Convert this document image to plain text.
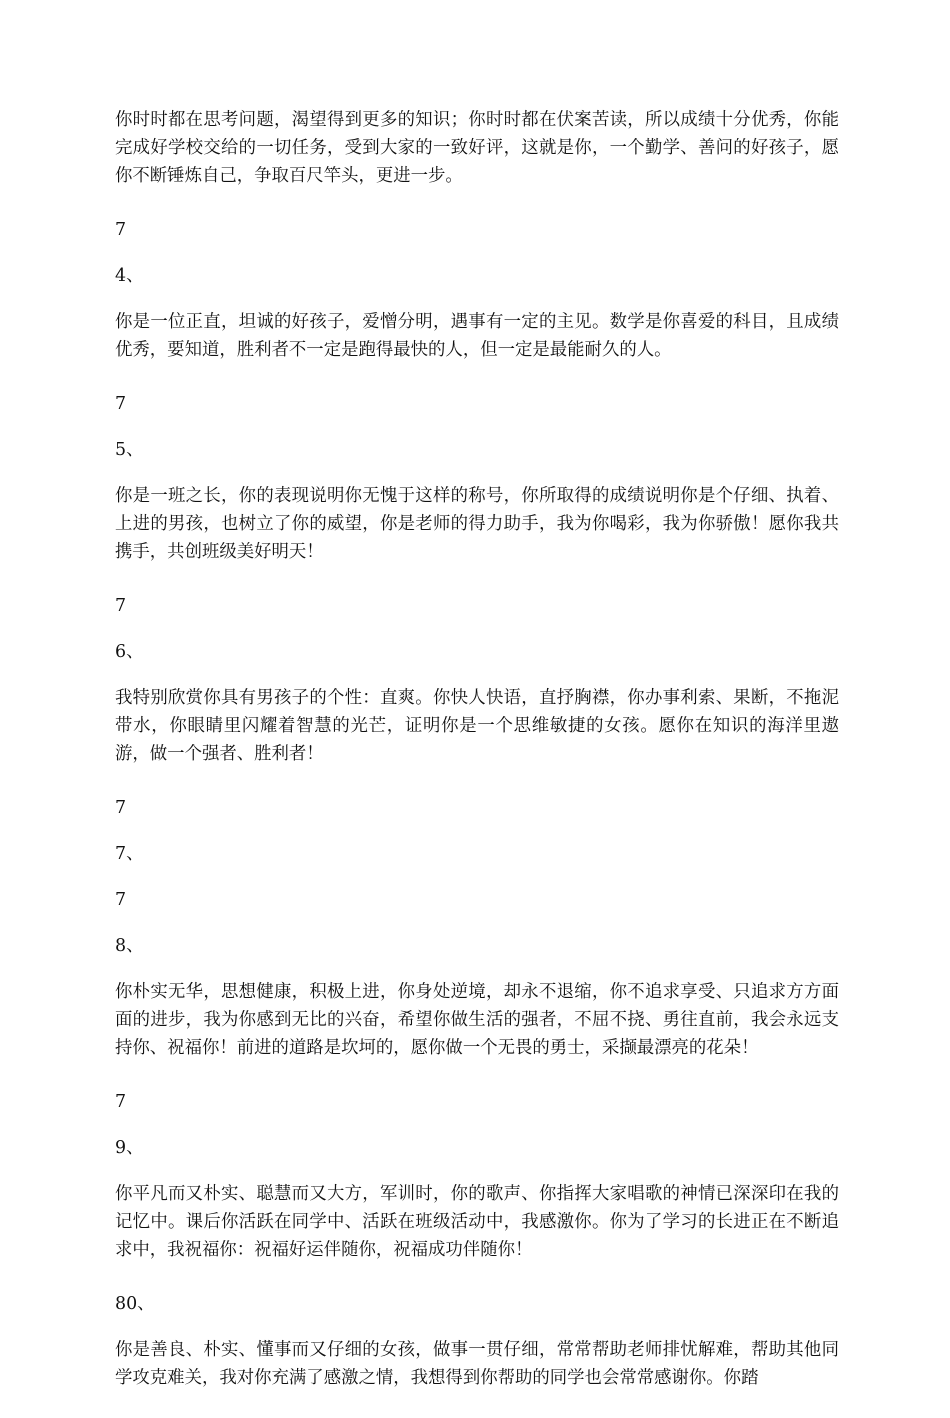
你时时都在思考问题，渴望得到更多的知识；你时时都在伏案苦读，所以成绩十分优秀，你能完成好学校交给的一切任务，受到大家的一致好评，这就是你，一个勤学、善问的好孩子，愿你不断锤炼自己，争取百尺竿头，更进一步。

7

4、

你是一位正直，坦诚的好孩子，爱憎分明，遇事有一定的主见。数学是你喜爱的科目，且成绩优秀，要知道，胜利者不一定是跑得最快的人，但一定是最能耐久的人。

7

5、

你是一班之长，你的表现说明你无愧于这样的称号，你所取得的成绩说明你是个仔细、执着、上进的男孩，也树立了你的威望，你是老师的得力助手，我为你喝彩，我为你骄傲！愿你我共携手，共创班级美好明天！

7

6、

我特别欣赏你具有男孩子的个性：直爽。你快人快语，直抒胸襟，你办事利索、果断，不拖泥带水，你眼睛里闪耀着智慧的光芒，证明你是一个思维敏捷的女孩。愿你在知识的海洋里遨游，做一个强者、胜利者！

7

7、

7

8、

你朴实无华，思想健康，积极上进，你身处逆境，却永不退缩，你不追求享受、只追求方方面面的进步，我为你感到无比的兴奋，希望你做生活的强者，不屈不挠、勇往直前，我会永远支持你、祝福你！前进的道路是坎坷的，愿你做一个无畏的勇士，采撷最漂亮的花朵！

7

9、

你平凡而又朴实、聪慧而又大方，军训时，你的歌声、你指挥大家唱歌的神情已深深印在我的记忆中。课后你活跃在同学中、活跃在班级活动中，我感激你。你为了学习的长进正在不断追求中，我祝福你：祝福好运伴随你，祝福成功伴随你！

80、

你是善良、朴实、懂事而又仔细的女孩，做事一贯仔细，常常帮助老师排忧解难，帮助其他同学攻克难关，我对你充满了感激之情，我想得到你帮助的同学也会常常感谢你。你踏
